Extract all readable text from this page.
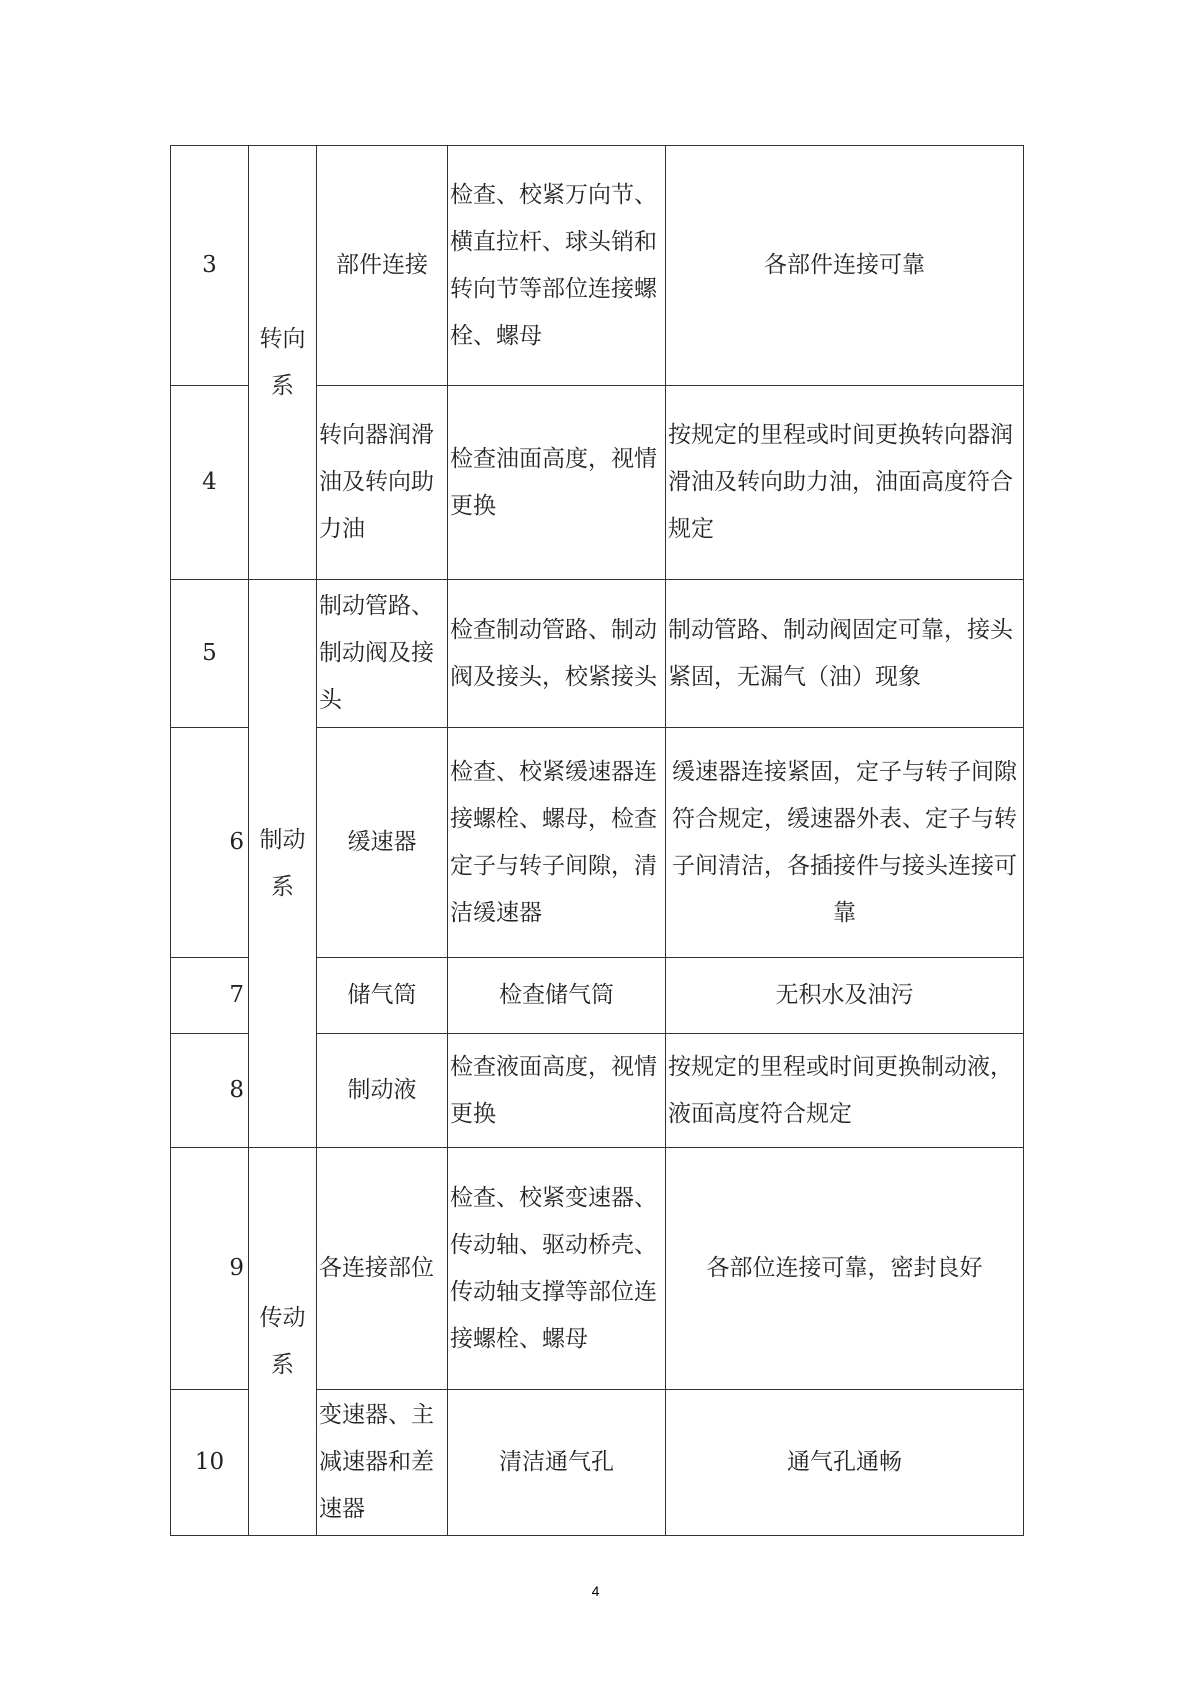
3	转向系	部件连接	检查、校紧万向节、横直拉杆、球头销和转向节等部位连接螺栓、螺母	各部件连接可靠
4		转向器润滑油及转向助力油	检查油面高度，视情更换	按规定的里程或时间更换转向器润滑油及转向助力油，油面高度符合规定
5	制动系	制动管路、制动阀及接头	检查制动管路、制动阀及接头，校紧接头	制动管路、制动阀固定可靠，接头紧固，无漏气（油）现象
6		缓速器	检查、校紧缓速器连接螺栓、螺母，检查定子与转子间隙，清洁缓速器	缓速器连接紧固，定子与转子间隙符合规定，缓速器外表、定子与转子间清洁，各插接件与接头连接可靠
7		储气筒	检查储气筒	无积水及油污
8		制动液	检查液面高度，视情更换	按规定的里程或时间更换制动液，液面高度符合规定
9	传动系	各连接部位	检查、校紧变速器、传动轴、驱动桥壳、传动轴支撑等部位连接螺栓、螺母	各部位连接可靠，密封良好
10		变速器、主减速器和差速器	清洁通气孔	通气孔通畅
4
